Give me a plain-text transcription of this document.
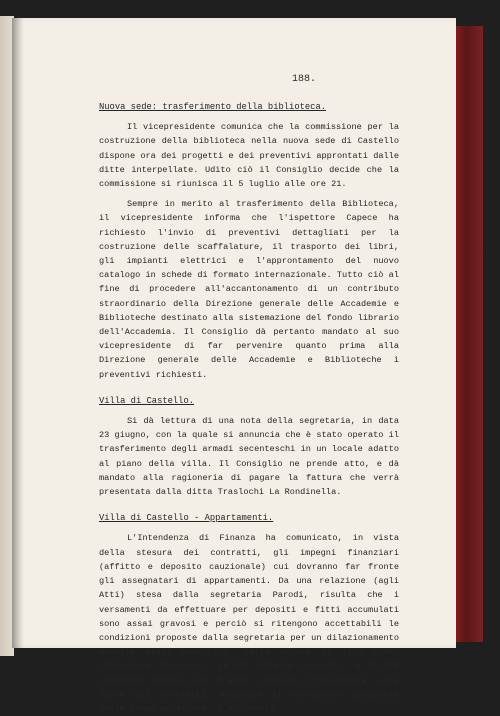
188.

Nuova sede: trasferimento della biblioteca.

Il vicepresidente comunica che la commissione per la costruzione della biblioteca nella nuova sede di Castello dispone ora dei progetti e dei preventivi approntati dalle ditte interpellate. Udito ciò il Consiglio decide che la commissione si riunisca il 5 luglio alle ore 21.

Sempre in merito al trasferimento della Biblioteca, il vicepresidente informa che l'ispettore Capece ha richiesto l'invio di preventivi dettagliati per la costruzione delle scaffalature, il trasporto dei libri, gli impianti elettrici e l'approntamento del nuovo catalogo in schede di formato internazionale. Tutto ciò al fine di procedere all'accantonamento di un contributo straordinario della Direzione generale delle Accademie e Biblioteche destinato alla sistemazione del fondo librario dell'Accademia. Il Consiglio dà pertanto mandato al suo vicepresidente di far pervenire quanto prima alla Direzione generale delle Accademie e Biblioteche i preventivi richiesti.

Villa di Castello.

Si dà lettura di una nota della segretaria, in data 23 giugno, con la quale si annuncia che è stato operato il trasferimento degli armadi secenteschi in un locale adatto al piano della villa. Il Consiglio ne prende atto, e dà mandato alla ragioneria di pagare la fattura che verrà presentata dalla ditta Traslochi La Rondinella.

Villa di Castello - Appartamenti.

L'Intendenza di Finanza ha comunicato, in vista della stesura dei contratti, gli impegni finanziari (affitto e deposito cauzionale) cui dovranno far fronte gli assegnatari di appartamenti. Da una relazione (agli Atti) stesa dalla segretaria Parodi, risulta che i versamenti da effettuare per depositi e fitti accumulati sono assai gravosi e perciò si ritengono accettabili le condizioni proposte dalla segretaria per un dilazionamento mensile degli arretrati, nella misura di lire 5.965 (Salvatore Torcasso), 18.345 (Ubaldo Ceccoli), e 21.675 (Giovanni Molusà) per 8 mesi. Qualora l'Intendenza, alla firma dei contratti, esigesse il versamento integrale delle somme arretrate, l'Accademia
